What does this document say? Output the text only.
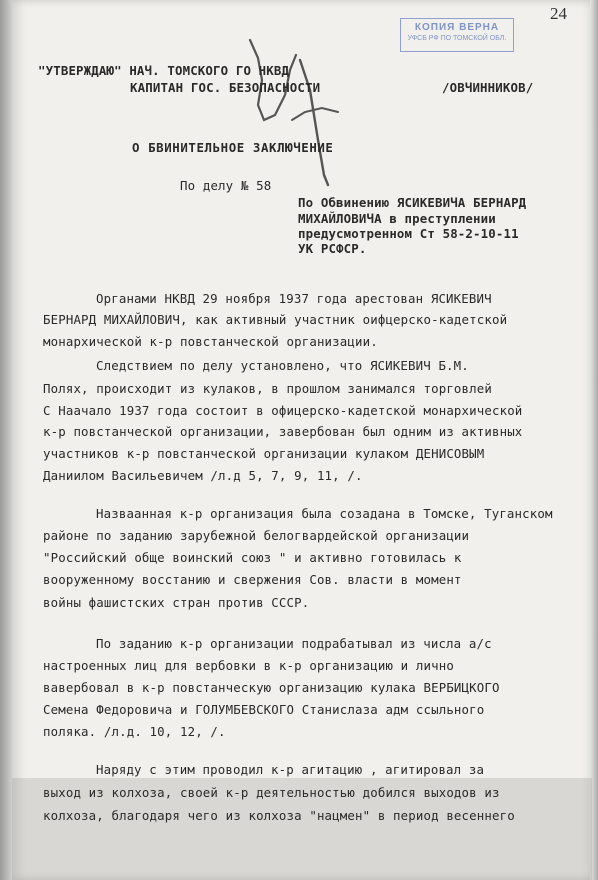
КОПИЯ ВЕРНА
УФСБ РФ ПО ТОМСКОЙ ОБЛ.
24
"УТВЕРЖДАЮ" НАЧ. ТОМСКОГО ГО НКВД
КАПИТАН ГОС. БЕЗОПАСНОСТИ	/ОВЧИННИКОВ/
О БВИНИТЕЛЬНОЕ ЗАКЛЮЧЕНИЕ
По делу № 58
По Обвинению ЯСИКЕВИЧА БЕРНАРД
МИХАЙЛОВИЧА в преступлении
предусмотренном Ст 58-2-10-11
УК РСФСР.
Органами НКВД 29 ноября 1937 года арестован ЯСИКЕВИЧ
БЕРНАРД МИХАЙЛОВИЧ, как активный участник оифцерско-кадетской
монархической к-р повстанческой организации.
Следствием по делу установлено, что ЯСИКЕВИЧ Б.М.
Полях, происходит из кулаков, в прошлом занимался торговлей
С Наачало 1937 года состоит в офицерско-кадетской монархической
к-р повстанческой организации, завербован был одним из активных
участников к-р повстанческой организации кулаком ДЕНИСОВЫМ
Даниилом Васильевичем /л.д 5, 7, 9, 11, /.
Назваанная к-р организация была созадана в Томске, Туганском
районе по заданию зарубежной белогвардейской организации
"Российский обще воинский союз " и активно готовилась к
вооруженному восстанию и свержения Сов. власти в момент
войны фашистских стран против СССР.
По заданию к-р организации подрабатывал из числа а/с
настроенных лиц для вербовки в к-р организацию и лично
вавербовал в к-р повстанческую организацию кулака ВЕРБИЦКОГО
Семена Федоровича и ГОЛУМБЕВСКОГО Станислаза адм ссыльного
поляка. /л.д. 10, 12, /.
Наряду с этим проводил к-р агитацию , агитировал за
выход из колхоза, своей к-р деятельностью добился выходов из
колхоза, благодаря чего из колхоза "нацмен" в период весеннего
